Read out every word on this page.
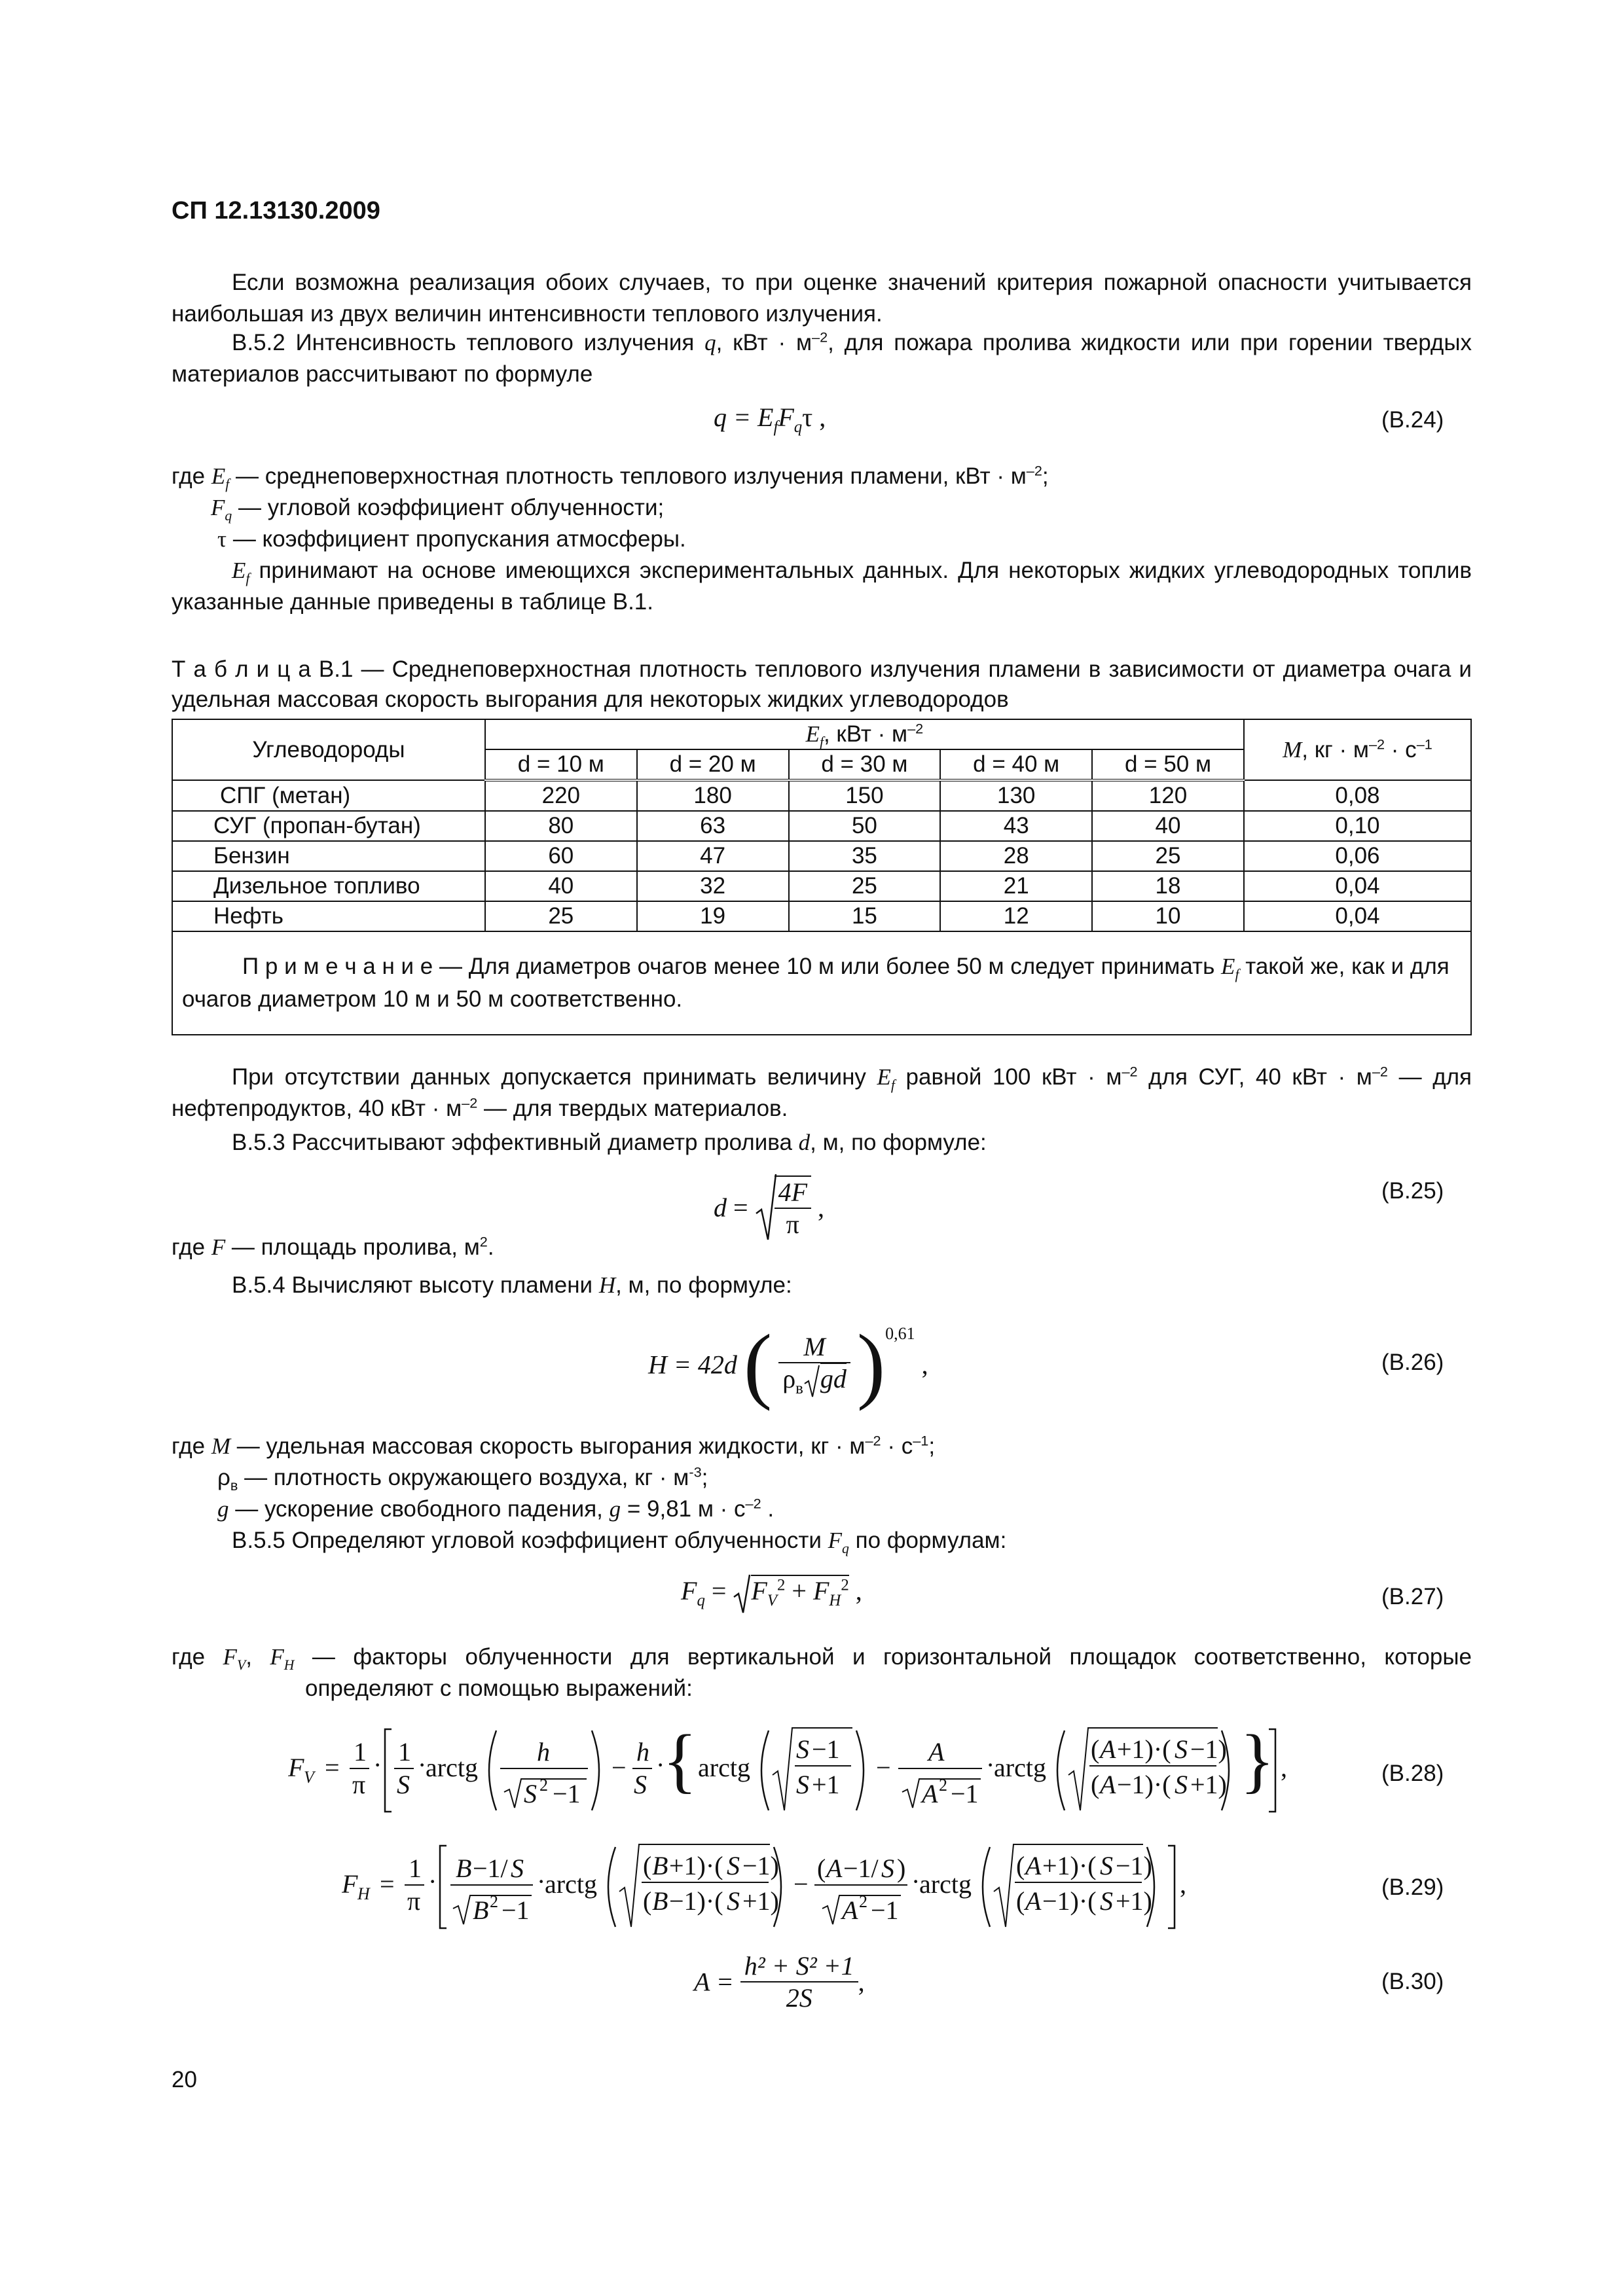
СП 12.13130.2009
Если возможна реализация обоих случаев, то при оценке значений критерия пожарной опасности учитывается наибольшая из двух величин интенсивности теплового излучения.
В.5.2 Интенсивность теплового излучения q, кВт · $м^{-2}$, для пожара пролива жидкости или при горении твердых материалов рассчитывают по формуле
$q = E_fF_q\tau$ ,	(В.24)
где $E_f$ — среднеповерхностная плотность теплового излучения пламени, кВт · $м^{-2}$;
$F_q$ — угловой коэффициент облученности;
τ — коэффициент пропускания атмосферы.
$E_f$ принимают на основе имеющихся экспериментальных данных. Для некоторых жидких углеводородных топлив указанные данные приведены в таблице В.1.
Т а б л и ц а В.1 — Среднеповерхностная плотность теплового излучения пламени в зависимости от диаметра очага и удельная массовая скорость выгорания для некоторых жидких углеводородов
Углеводороды	$E_f$, кВт · $м^{-2}$					M, кг · $м^{-2} \cdot с^{-1}$
	d = 10 м	d = 20 м	d = 30 м	d = 40 м	d = 50 м	
СПГ (метан)	220	180	150	130	120	0,08
СУГ (пропан-бутан)	80	63	50	43	40	0,10
Бензин	60	47	35	28	25	0,06
Дизельное топливо	40	32	25	21	18	0,04
Нефть	25	19	15	12	10	0,04
П р и м е ч а н и е — Для диаметров очагов менее 10 м или более 50 м следует принимать $E_f$ такой же, как и для очагов диаметром 10 м и 50 м соответственно.						
При отсутствии данных допускается принимать величину $E_f$ равной 100 кВт · $м^{-2}$ для СУГ, 40 кВт · $м^{-2}$ — для нефтепродуктов, 40 кВт · $м^{-2}$ — для твердых материалов.
В.5.3 Рассчитывают эффективный диаметр пролива d, м, по формуле:
$d = \frac{4F}{\pi}$ ,
(В.25)
где F — площадь пролива, $м^2$.
В.5.4 Вычисляют высоту пламени H, м, по формуле:
H = 42d ( $\frac{M}{\rho_в gd} )^{0,61}$ ,	(В.26)
где M — удельная массовая скорость выгорания жидкости, кг · $м^{-2} \cdot с^{-1}$;
$\rho_в$ — плотность окружающего воздуха, кг · $м^{-3}$;
g — ускорение свободного падения, g = 9,81 $м \cdot с^{-2}$ .
В.5.5 Определяют угловой коэффициент облученности $F_q$ по формулам:
$F_q = F_V^2 + F_H^2$ ,	(В.27)
где $F_V$, $F_H$ — факторы облученности для вертикальной и горизонтальной площадок соответственно, которые
определяют с помощью выражений:
F V =
1
π
· 1
S
·
arctg
h
S 2 −1
−
h
S
·
{ arctg
S −1
S +1
−
A
A 2 −1
·
arctg
( A +1)·( S −1)
( A −1)·( S +1) } ,	(В.28)
F H =
1
π
· B −1/ S
B 2 −1
·
arctg
( B +1)·( S −1)
( B −1)·( S +1)
−
( A −1/ S )
A 2 −1
·
arctg
( A +1)·( S −1)
( A −1)·( S +1)
,	(В.29)
$A = \frac{\text{h² + S² +1}}{2S}$ ,	(В.30)
20
